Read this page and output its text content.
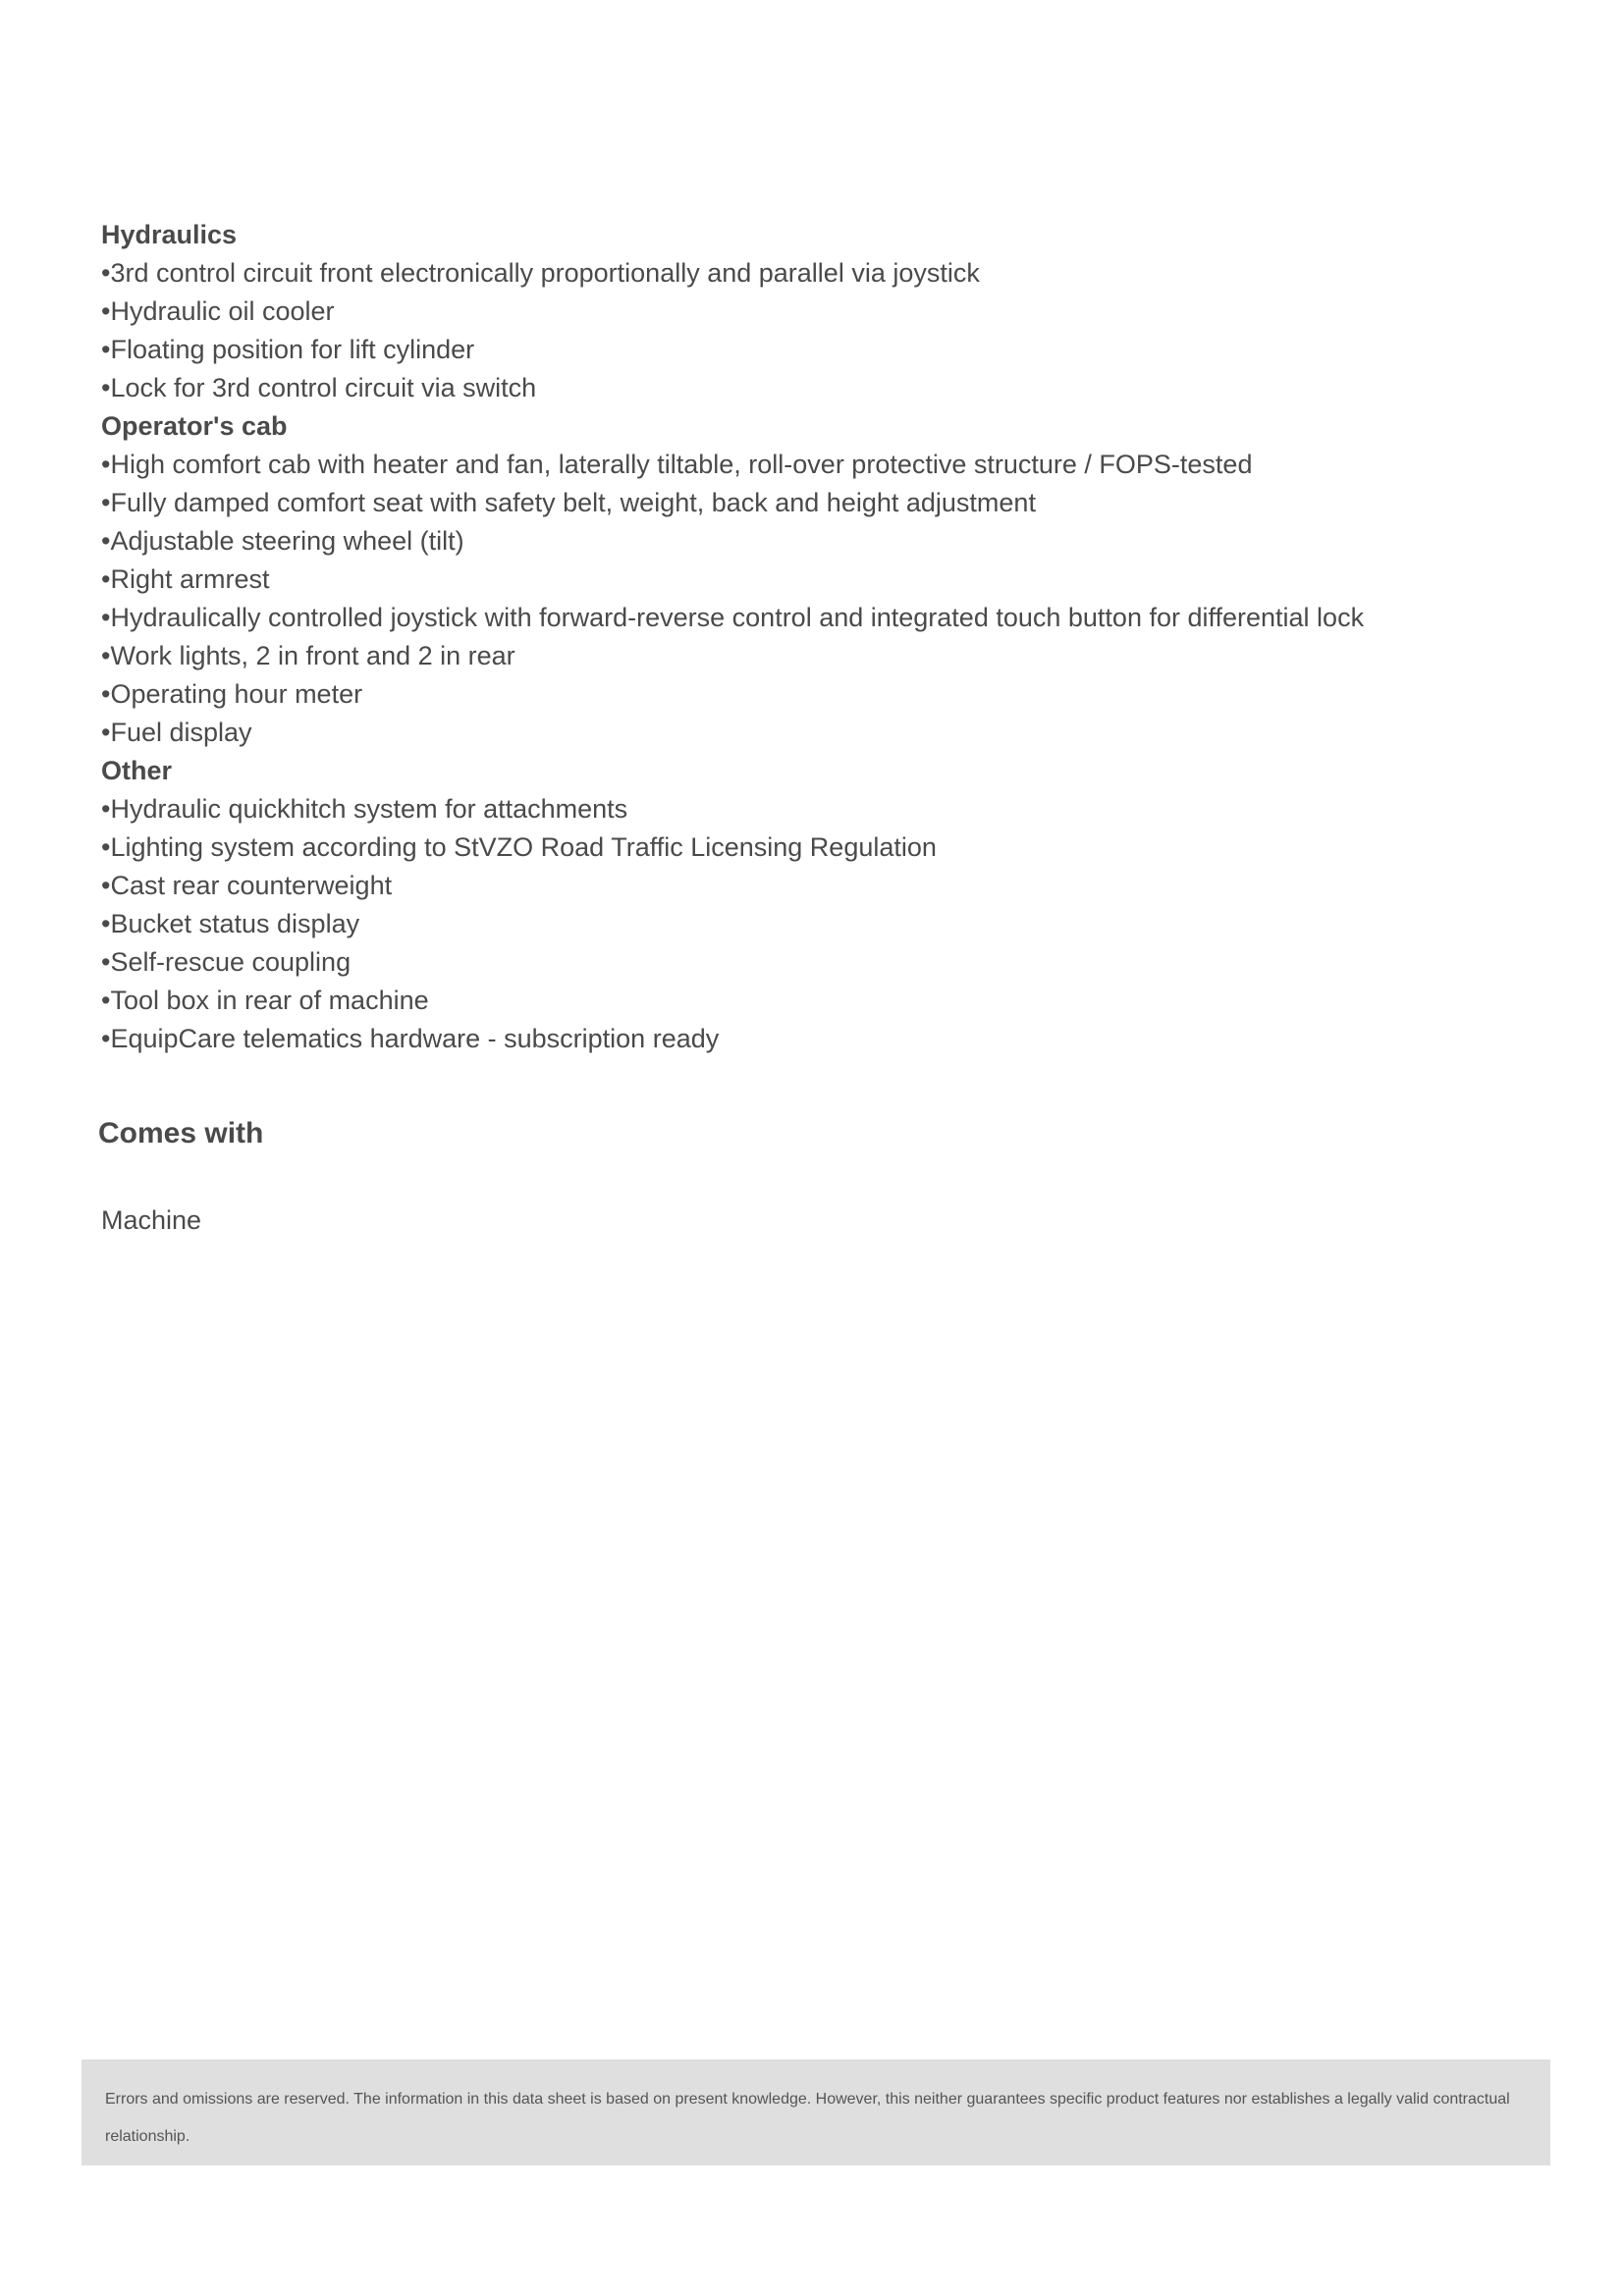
Hydraulics
•3rd control circuit front electronically proportionally and parallel via joystick
•Hydraulic oil cooler
•Floating position for lift cylinder
•Lock for 3rd control circuit via switch
Operator's cab
•High comfort cab with heater and fan, laterally tiltable, roll-over protective structure / FOPS-tested
•Fully damped comfort seat with safety belt, weight, back and height adjustment
•Adjustable steering wheel (tilt)
•Right armrest
•Hydraulically controlled joystick with forward-reverse control and integrated touch button for differential lock
•Work lights, 2 in front and 2 in rear
•Operating hour meter
•Fuel display
Other
•Hydraulic quickhitch system for attachments
•Lighting system according to StVZO Road Traffic Licensing Regulation
•Cast rear counterweight
•Bucket status display
•Self-rescue coupling
•Tool box in rear of machine
•EquipCare telematics hardware - subscription ready
Comes with
Machine
Errors and omissions are reserved. The information in this data sheet is based on present knowledge. However, this neither guarantees specific product features nor establishes a legally valid contractual relationship.
